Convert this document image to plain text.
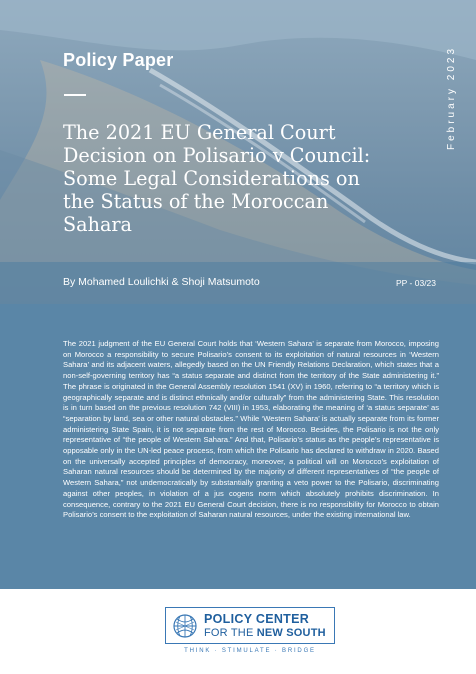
Policy Paper
The 2021 EU General Court Decision on Polisario v Council: Some Legal Considerations on the Status of the Moroccan Sahara
February 2023
By Mohamed Loulichki & Shoji Matsumoto	PP - 03/23

The 2021 judgment of the EU General Court holds that ‘Western Sahara’ is separate from Morocco, imposing on Morocco a responsibility to secure Polisario’s consent to its exploitation of natural resources in ‘Western Sahara’ and its adjacent waters, allegedly based on the UN Friendly Relations Declaration, which states that a non-self-governing territory has “a status separate and distinct from the territory of the State administering it.” The phrase is originated in the General Assembly resolution 1541 (XV) in 1960, referring to “a territory which is geographically separate and is distinct ethnically and/or culturally” from the administering State. This resolution is in turn based on the previous resolution 742 (VIII) in 1953, elaborating the meaning of ‘a status separate’ as “separation by land, sea or other natural obstacles.” While ‘Western Sahara’ is actually separate from its former administering State Spain, it is not separate from the rest of Morocco. Besides, the Polisario is not the only representative of “the people of Western Sahara.” And that, Polisario’s status as the people’s representative is opposable only in the UN-led peace process, from which the Polisario has declared to withdraw in 2020. Based on the universally accepted principles of democracy, moreover, a political will on Morocco’s exploitation of Saharan natural resources should be determined by the majority of different representatives of “the people of Western Sahara,” not undemocratically by substantially granting a veto power to the Polisario, discriminating against other peoples, in violation of a jus cogens norm which absolutely prohibits discrimination. In consequence, contrary to the 2021 EU General Court decision, there is no responsibility for Morocco to obtain Polisario’s consent to the exploitation of Saharan natural resources, under the existing international law.

POLICY CENTER
FOR THE NEW SOUTH
THINK · STIMULATE · BRIDGE
